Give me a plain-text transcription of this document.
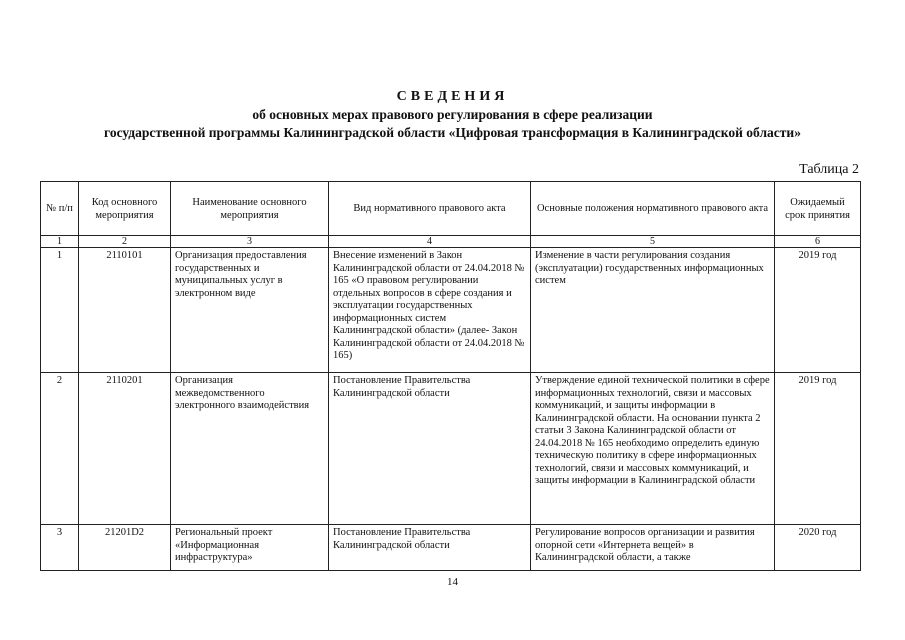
СВЕДЕНИЯ
об основных мерах правового регулирования в сфере реализации
государственной программы Калининградской области «Цифровая трансформация в Калининградской области»
Таблица 2
№ п/п	Код основного мероприятия	Наименование основного мероприятия	Вид нормативного правового акта	Основные положения нормативного правового акта	Ожидаемый срок принятия
1	2	3	4	5	6
1	2110101	Организация предоставления государственных и муниципальных услуг в электронном виде	Внесение изменений в Закон Калининградской области от 24.04.2018 № 165 «О правовом регулировании отдельных вопросов в сфере создания и эксплуатации государственных информационных систем Калининградской области» (далее- Закон Калининградской области от 24.04.2018 № 165)	Изменение в части регулирования создания (эксплуатации) государственных информационных систем	2019 год
2	2110201	Организация межведомственного электронного взаимодействия	Постановление Правительства Калининградской области	Утверждение единой технической политики в сфере информационных технологий, связи и массовых коммуникаций, и защиты информации в Калининградской области. На основании пункта 2 статьи 3 Закона Калининградской области от 24.04.2018 № 165 необходимо определить единую техническую политику в сфере информационных технологий, связи и массовых коммуникаций, и защиты информации в Калининградской области	2019 год
3	21201D2	Региональный проект «Информационная инфраструктура»	Постановление Правительства Калининградской области	Регулирование вопросов организации и развития опорной сети «Интернета вещей» в Калининградской области, а также	2020 год
14
